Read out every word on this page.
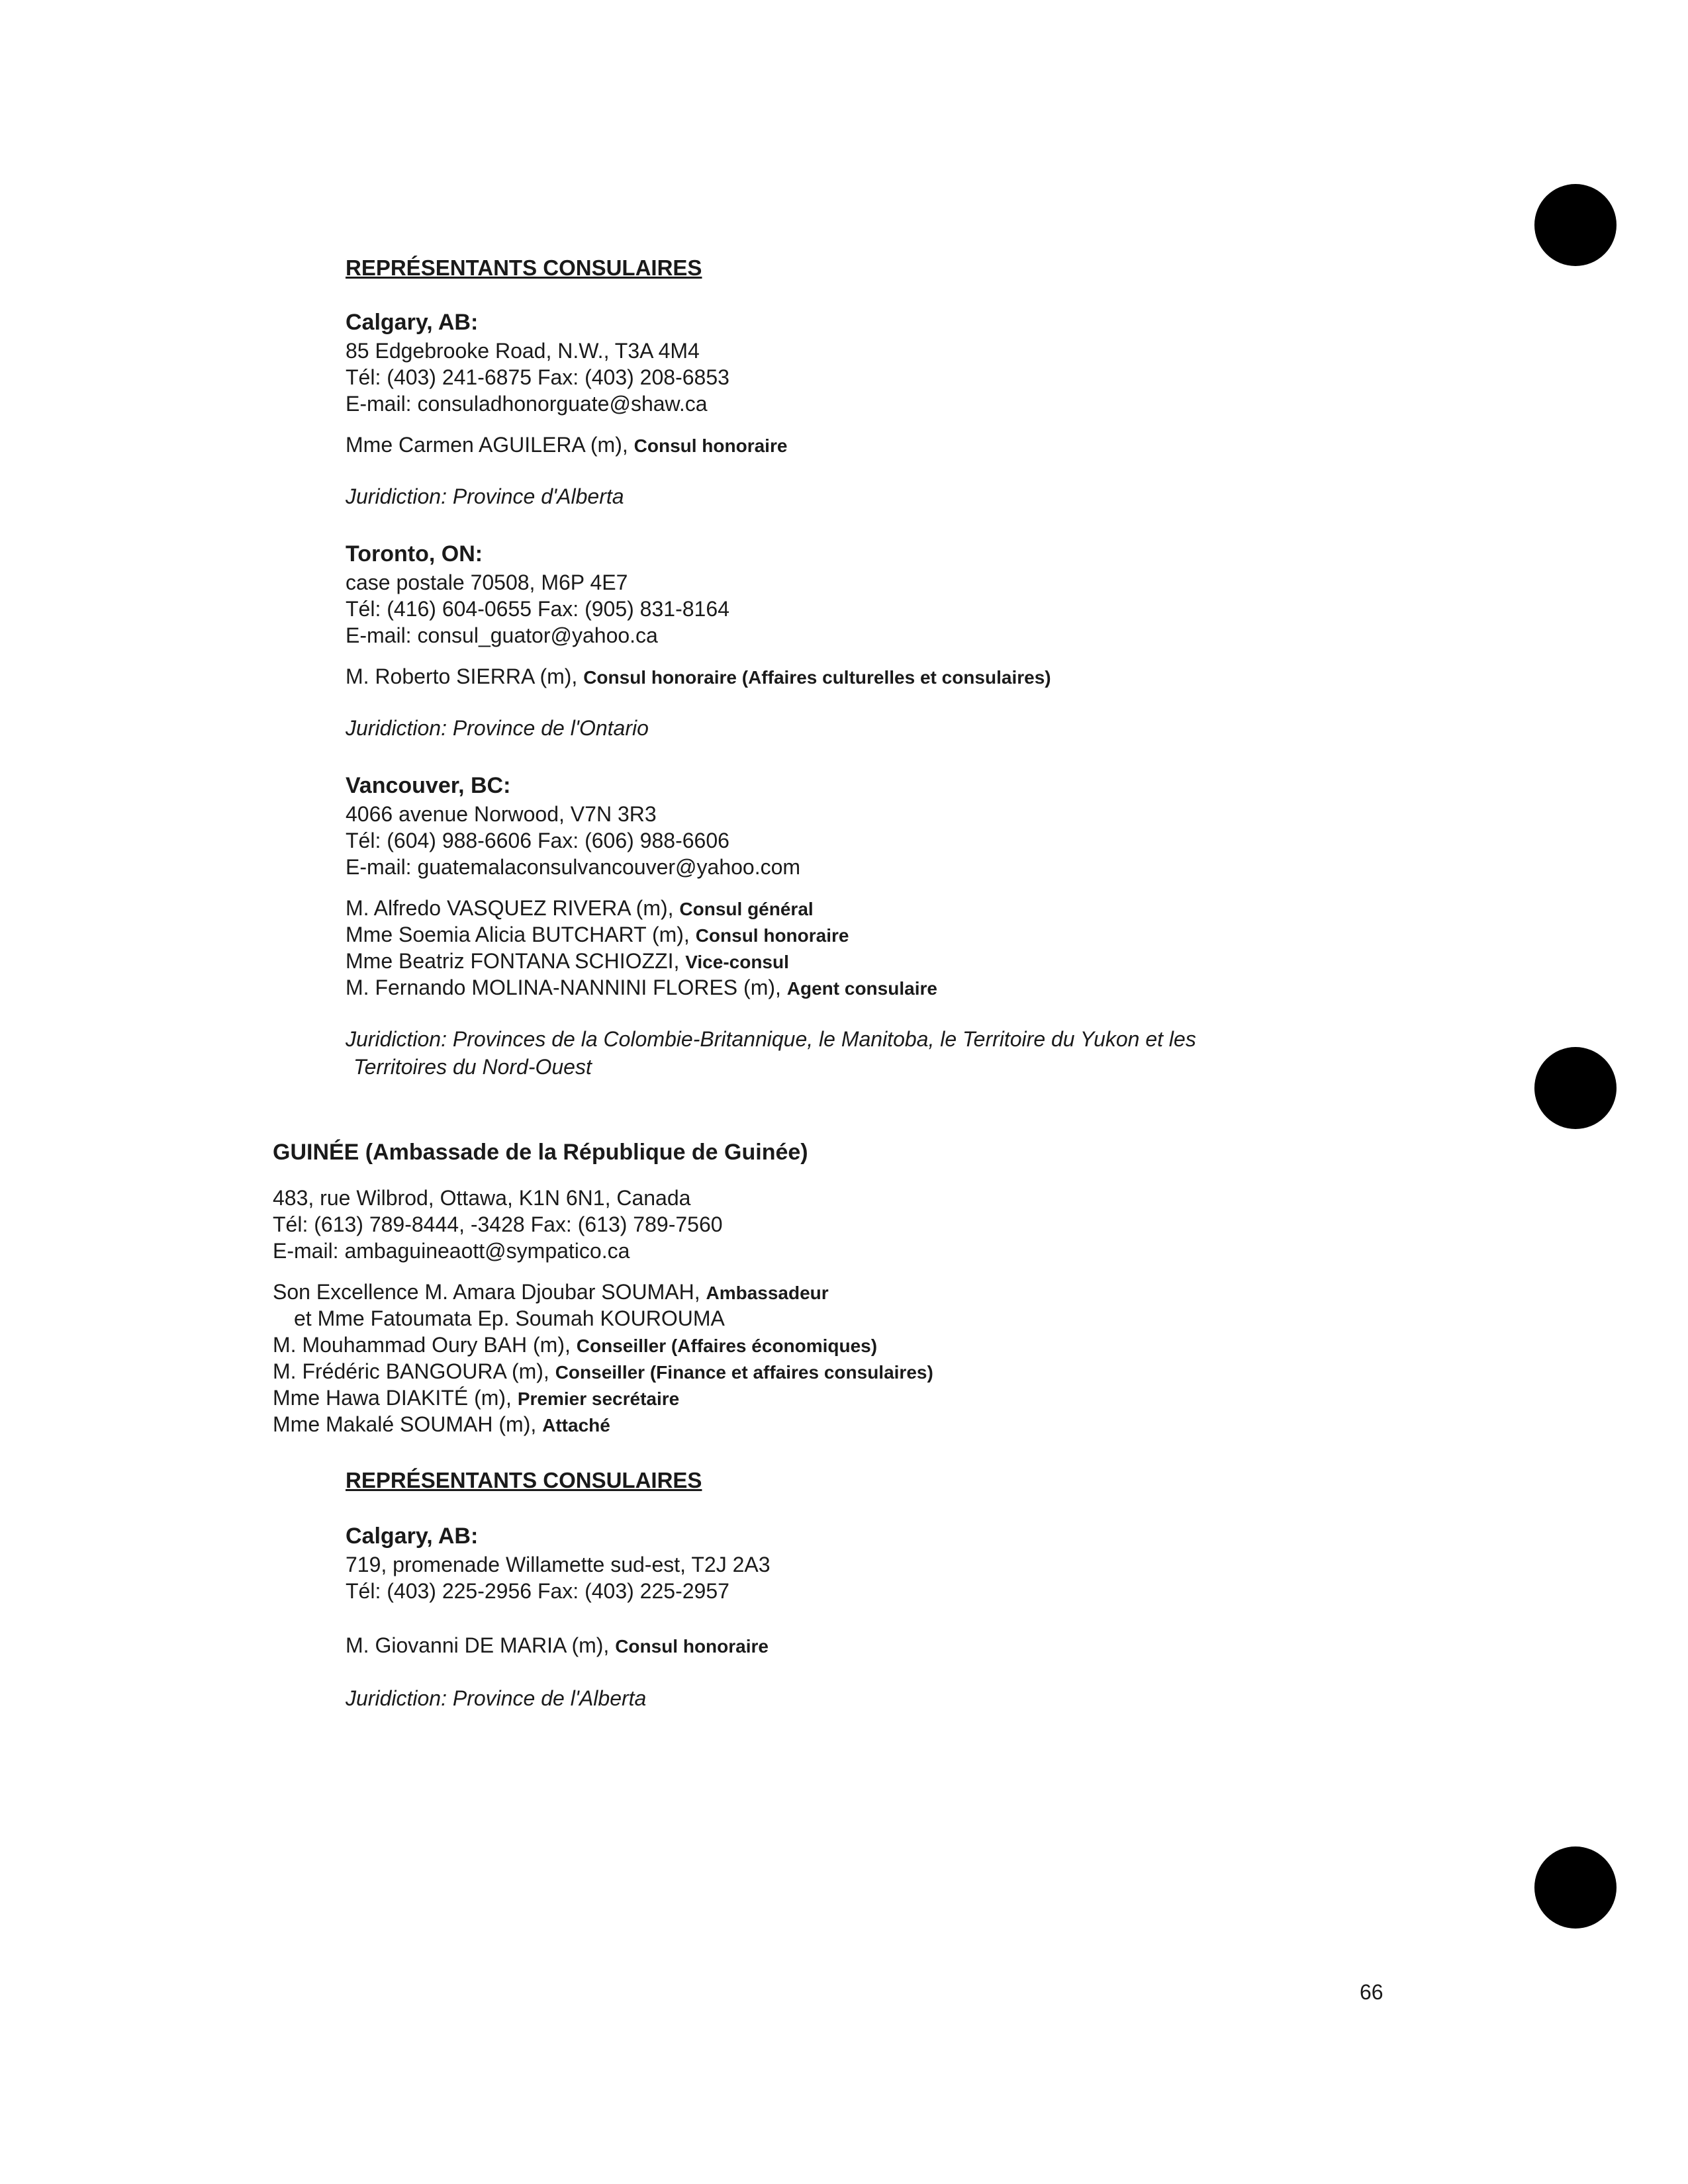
REPRÉSENTANTS CONSULAIRES
Calgary, AB:
85 Edgebrooke Road, N.W., T3A 4M4
Tél: (403) 241-6875 Fax: (403) 208-6853
E-mail: consuladhonorguate@shaw.ca
Mme Carmen AGUILERA (m), Consul honoraire
Juridiction: Province d'Alberta
Toronto, ON:
case postale 70508, M6P 4E7
Tél: (416) 604-0655 Fax: (905) 831-8164
E-mail: consul_guator@yahoo.ca
M. Roberto SIERRA (m), Consul honoraire (Affaires culturelles et consulaires)
Juridiction: Province de l'Ontario
Vancouver, BC:
4066 avenue Norwood, V7N 3R3
Tél: (604) 988-6606 Fax: (606) 988-6606
E-mail: guatemalaconsulvancouver@yahoo.com
M. Alfredo VASQUEZ RIVERA (m), Consul général
Mme Soemia Alicia BUTCHART (m), Consul honoraire
Mme Beatriz FONTANA SCHIOZZI, Vice-consul
M. Fernando MOLINA-NANNINI FLORES (m), Agent consulaire
Juridiction: Provinces de la Colombie-Britannique, le Manitoba, le Territoire du Yukon et les
Territoires du Nord-Ouest
GUINÉE (Ambassade de la République de Guinée)
483, rue Wilbrod, Ottawa, K1N 6N1, Canada
Tél: (613) 789-8444, -3428 Fax: (613) 789-7560
E-mail: ambaguineaott@sympatico.ca
Son Excellence M. Amara Djoubar SOUMAH, Ambassadeur
et Mme Fatoumata Ep. Soumah KOUROUMA
M. Mouhammad Oury BAH (m), Conseiller (Affaires économiques)
M. Frédéric BANGOURA (m), Conseiller (Finance et affaires consulaires)
Mme Hawa DIAKITÉ (m), Premier secrétaire
Mme Makalé SOUMAH (m), Attaché
REPRÉSENTANTS CONSULAIRES
Calgary, AB:
719, promenade Willamette sud-est, T2J 2A3
Tél: (403) 225-2956 Fax: (403) 225-2957
M. Giovanni DE MARIA (m), Consul honoraire
Juridiction: Province de l'Alberta
66
